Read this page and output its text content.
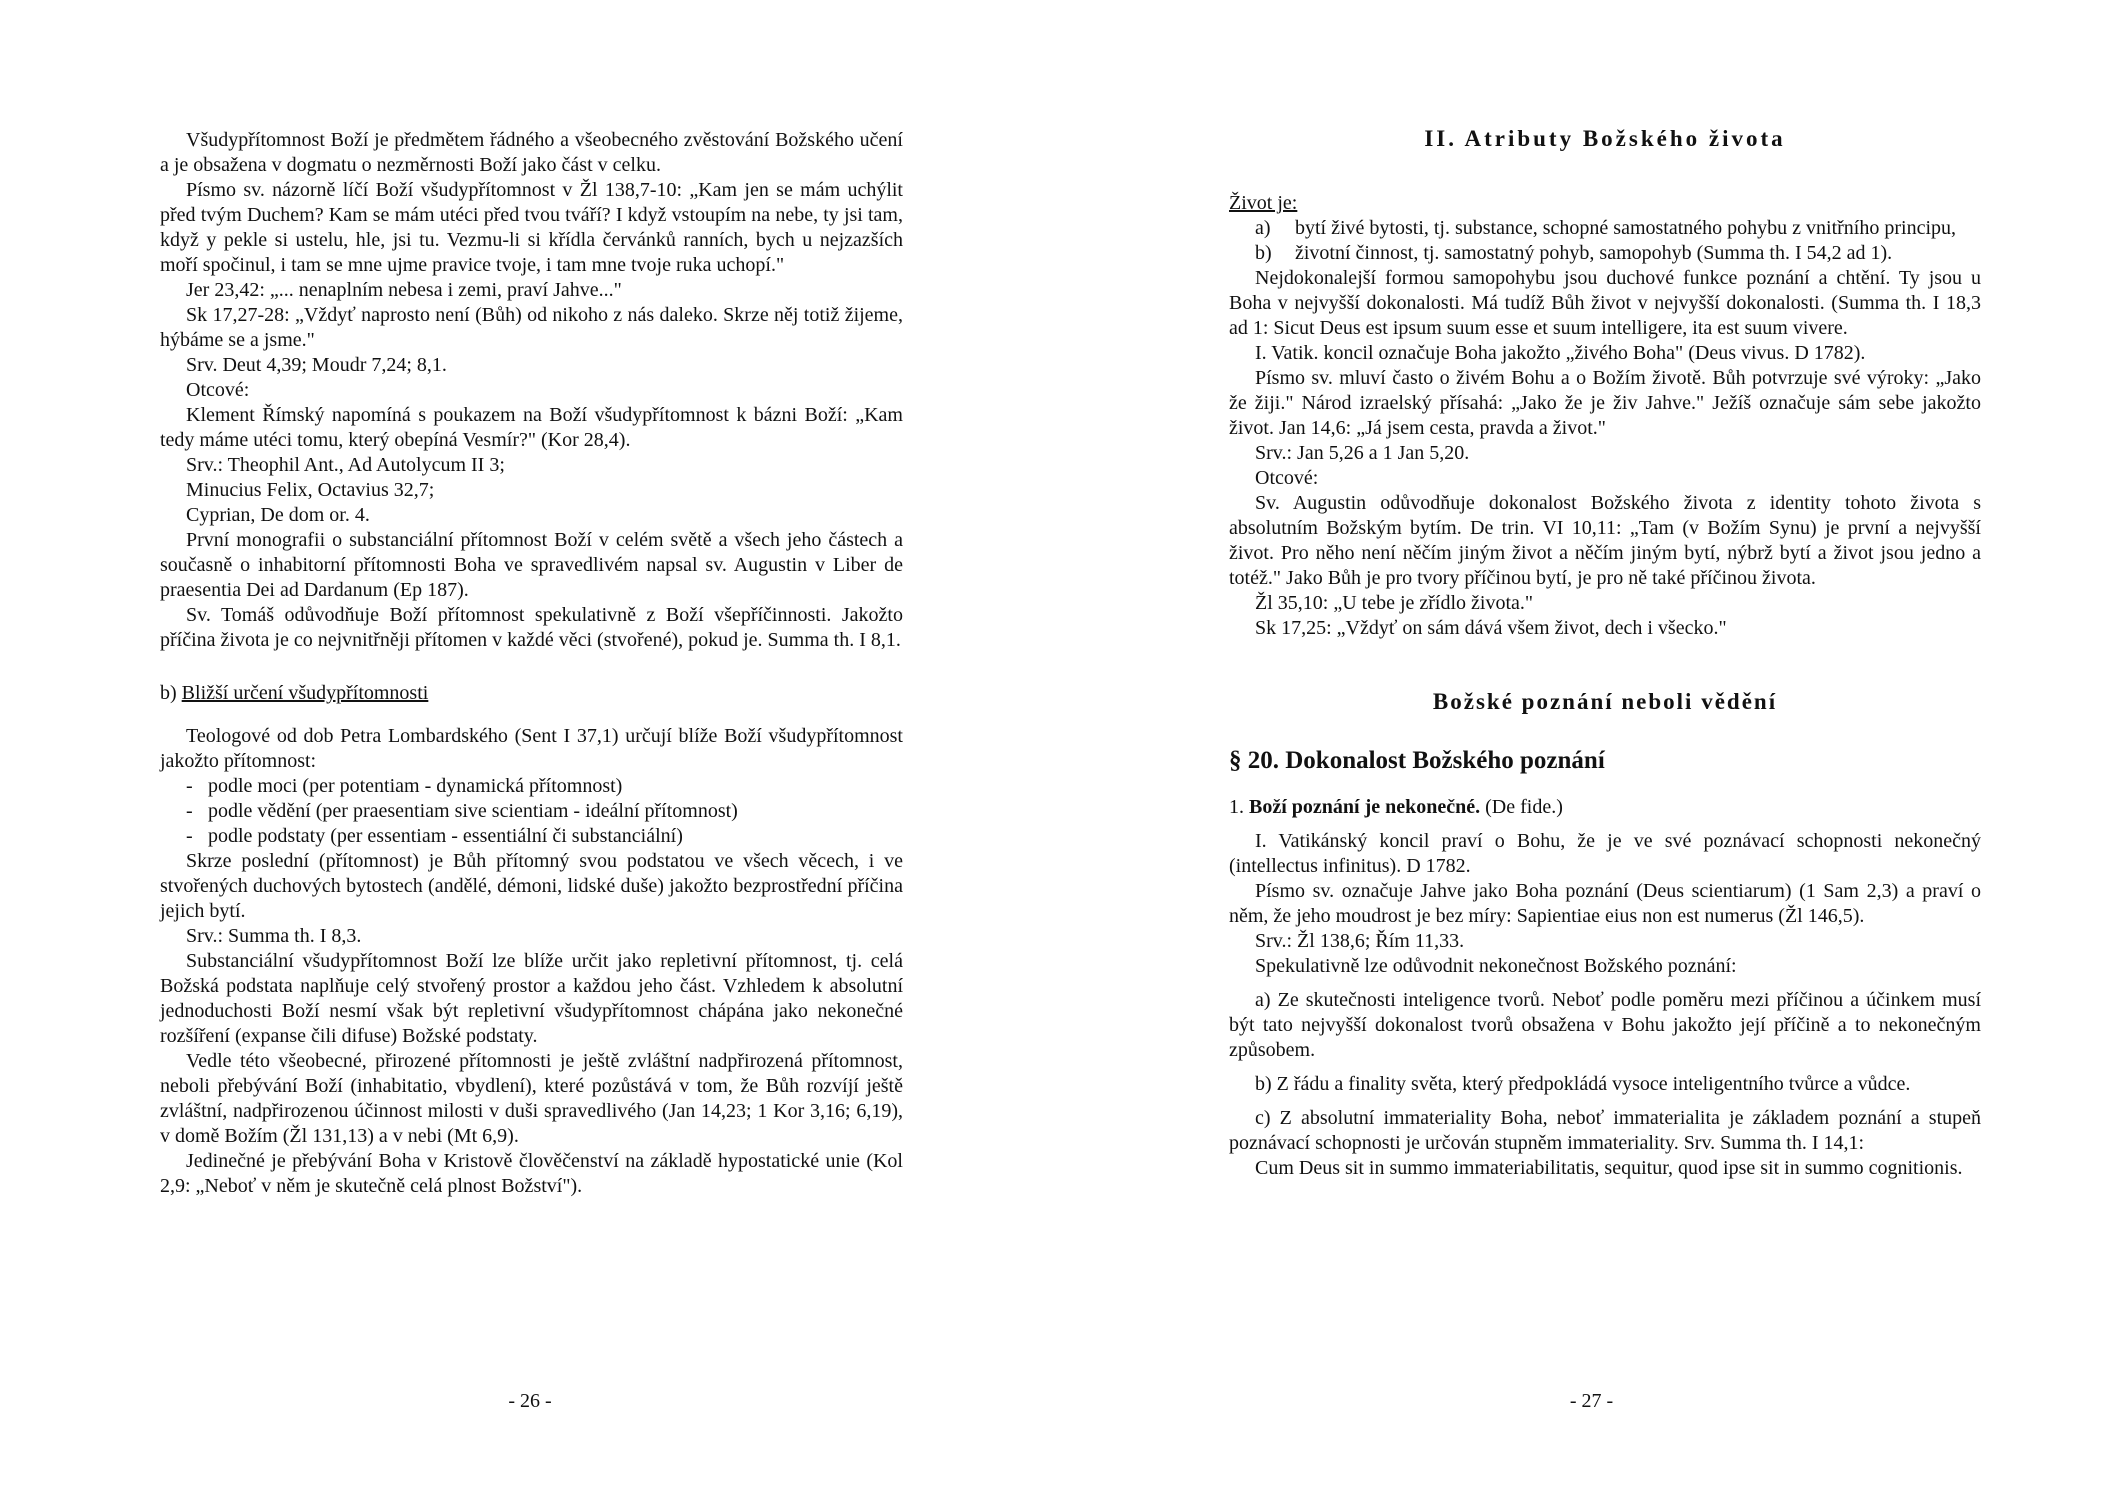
Všudypřítomnost Boží je předmětem řádného a všeobecného zvěstování Božského učení a je obsažena v dogmatu o nezměrnosti Boží jako část v celku.

Písmo sv. názorně líčí Boží všudypřítomnost v Žl 138,7-10: „Kam jen se mám uchýlit před tvým Duchem? Kam se mám utéci před tvou tváří? I když vstoupím na nebe, ty jsi tam, když y pekle si ustelu, hle, jsi tu. Vezmu-li si křídla červánků ranních, bych u nejzazších moří spočinul, i tam se mne ujme pravice tvoje, i tam mne tvoje ruka uchopí."

Jer 23,42: „... nenaplním nebesa i zemi, praví Jahve..."

Sk 17,27-28: „Vždyť naprosto není (Bůh) od nikoho z nás daleko. Skrze něj totiž žijeme, hýbáme se a jsme."

Srv. Deut 4,39; Moudr 7,24; 8,1.

Otcové:

Klement Římský napomíná s poukazem na Boží všudypřítomnost k bázni Boží: „Kam tedy máme utéci tomu, který obepíná Vesmír?" (Kor 28,4).

Srv.: Theophil Ant., Ad Autolycum II 3;

Minucius Felix, Octavius 32,7;

Cyprian, De dom or. 4.

První monografii o substanciální přítomnost Boží v celém světě a všech jeho částech a současně o inhabitorní přítomnosti Boha ve spravedlivém napsal sv. Augustin v Liber de praesentia Dei ad Dardanum (Ep 187).

Sv. Tomáš odůvodňuje Boží přítomnost spekulativně z Boží všepříčinnosti. Jakožto příčina života je co nejvnitřněji přítomen v každé věci (stvořené), pokud je. Summa th. I 8,1.

b) Bližší určení všudypřítomnosti

Teologové od dob Petra Lombardského (Sent I 37,1) určují blíže Boží všudypřítomnost jakožto přítomnost:

- podle moci (per potentiam - dynamická přítomnost)

- podle vědění (per praesentiam sive scientiam - ideální přítomnost)

- podle podstaty (per essentiam - essentiální či substanciální)

Skrze poslední (přítomnost) je Bůh přítomný svou podstatou ve všech věcech, i ve stvořených duchových bytostech (andělé, démoni, lidské duše) jakožto bezprostřední příčina jejich bytí.

Srv.: Summa th. I 8,3.

Substanciální všudypřítomnost Boží lze blíže určit jako repletivní přítomnost, tj. celá Božská podstata naplňuje celý stvořený prostor a každou jeho část. Vzhledem k absolutní jednoduchosti Boží nesmí však být repletivní všudypřítomnost chápána jako nekonečné rozšíření (expanse čili difuse) Božské podstaty.

Vedle této všeobecné, přirozené přítomnosti je ještě zvláštní nadpřirozená přítomnost, neboli přebývání Boží (inhabitatio, vbydlení), které pozůstává v tom, že Bůh rozvíjí ještě zvláštní, nadpřirozenou účinnost milosti v duši spravedlivého (Jan 14,23; 1 Kor 3,16; 6,19), v domě Božím (Žl 131,13) a v nebi (Mt 6,9).

Jedinečné je přebývání Boha v Kristově člověčenství na základě hypostatické unie (Kol 2,9: „Neboť v něm je skutečně celá plnost Božství").

- 26 -
II. Atributy Božského života

Život je:

a) bytí živé bytosti, tj. substance, schopné samostatného pohybu z vnitřního principu,

b) životní činnost, tj. samostatný pohyb, samopohyb (Summa th. I 54,2 ad 1).

Nejdokonalejší formou samopohybu jsou duchové funkce poznání a chtění. Ty jsou u Boha v nejvyšší dokonalosti. Má tudíž Bůh život v nejvyšší dokonalosti. (Summa th. I 18,3 ad 1: Sicut Deus est ipsum suum esse et suum intelligere, ita est suum vivere.

I. Vatik. koncil označuje Boha jakožto „živého Boha" (Deus vivus. D 1782).

Písmo sv. mluví často o živém Bohu a o Božím životě. Bůh potvrzuje své výroky: „Jako že žiji." Národ izraelský přísahá: „Jako že je živ Jahve." Ježíš označuje sám sebe jakožto život. Jan 14,6: „Já jsem cesta, pravda a život."

Srv.: Jan 5,26 a 1 Jan 5,20.

Otcové:

Sv. Augustin odůvodňuje dokonalost Božského života z identity tohoto života s absolutním Božským bytím. De trin. VI 10,11: „Tam (v Božím Synu) je první a nejvyšší život. Pro něho není něčím jiným život a něčím jiným bytí, nýbrž bytí a život jsou jedno a totéž." Jako Bůh je pro tvory příčinou bytí, je pro ně také příčinou života.

Žl 35,10: „U tebe je zřídlo života."

Sk 17,25: „Vždyť on sám dává všem život, dech i všecko."

Božské poznání neboli vědění
§ 20. Dokonalost Božského poznání

1. Boží poznání je nekonečné. (De fide.)

I. Vatikánský koncil praví o Bohu, že je ve své poznávací schopnosti nekonečný (intellectus infinitus). D 1782.

Písmo sv. označuje Jahve jako Boha poznání (Deus scientiarum) (1 Sam 2,3) a praví o něm, že jeho moudrost je bez míry: Sapientiae eius non est numerus (Žl 146,5).

Srv.: Žl 138,6; Řím 11,33.

Spekulativně lze odůvodnit nekonečnost Božského poznání:

a) Ze skutečnosti inteligence tvorů. Neboť podle poměru mezi příčinou a účinkem musí být tato nejvyšší dokonalost tvorů obsažena v Bohu jakožto její příčině a to nekonečným způsobem.

b) Z řádu a finality světa, který předpokládá vysoce inteligentního tvůrce a vůdce.

c) Z absolutní immateriality Boha, neboť immaterialita je základem poznání a stupeň poznávací schopnosti je určován stupněm immateriality. Srv. Summa th. I 14,1:

Cum Deus sit in summo immateriabilitatis, sequitur, quod ipse sit in summo cognitionis.

- 27 -
